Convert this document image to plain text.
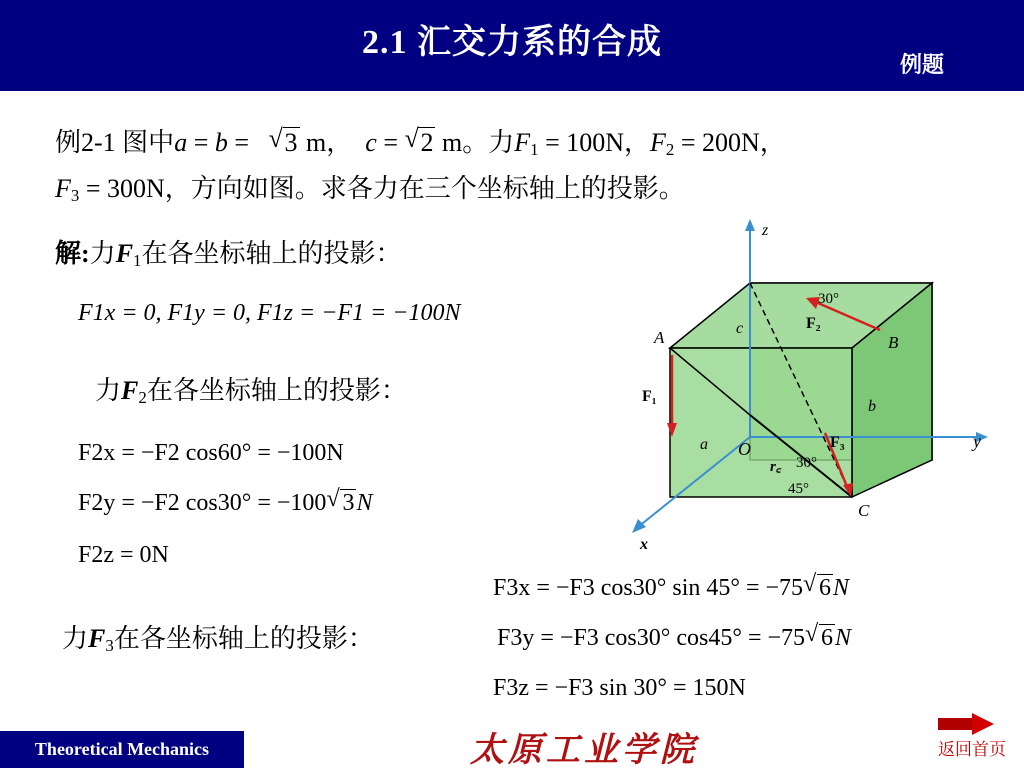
2.1 汇交力系的合成
例题
例2-1 图中a = b =   √ 3 m， c = √ 2 m。力$F_1 = 100N$，$F_2 = 200N$，
$F_3 = 300N$，方向如图。求各力在三个坐标轴上的投影。
解:力$F_1$在各坐标轴上的投影：
F1x = 0, F1y = 0, F1z = −F1 = −100N
力$F_2$在各坐标轴上的投影：
F2x = −F2 cos60° = −100N
F2y = −F2 cos30° = −100 √ 3N
F2z = 0N
力$F_3$在各坐标轴上的投影：
F3x = −F3 cos30° sin 45° = −75 √ 6N
F3y = −F3 cos30° cos45° = −75 √ 6N
F3z = −F3 sin 30° = 150N
z
y
x
O
A	B
C
a
b
c
F₁
F₂
F₃
r꜀
30°
30°
45°
Theoretical Mechanics	太原工业学院	返回首页
